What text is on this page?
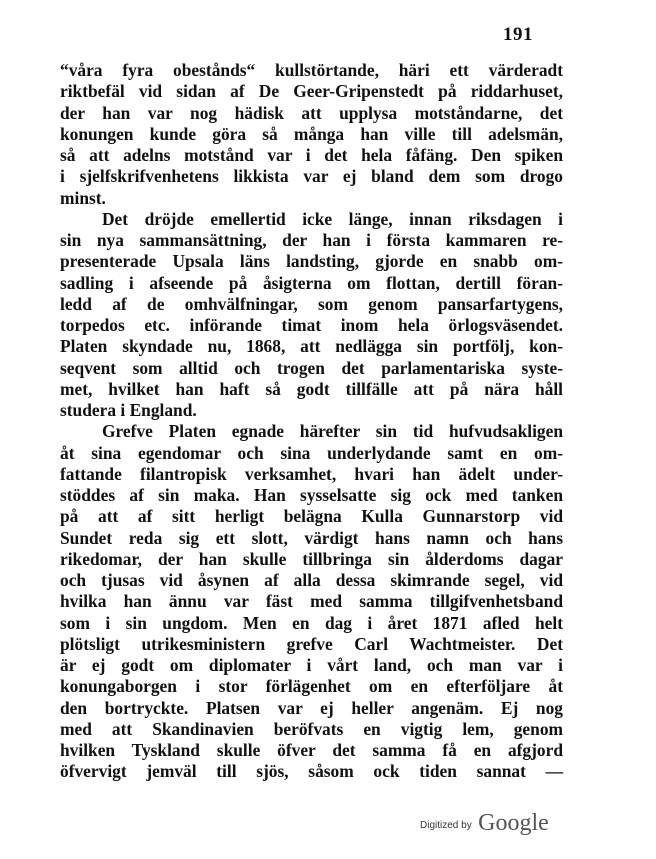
191
“våra fyra obestånds“ kullstörtande, häri ett värderadt
riktbefäl vid sidan af De Geer-Gripenstedt på riddarhuset,
der han var nog hädisk att upplysa motståndarne, det
konungen kunde göra så många han ville till adelsmän,
så att adelns motstånd var i det hela fåfäng. Den spiken
i sjelfskrifvenhetens likkista var ej bland dem som drogo
minst.
Det dröjde emellertid icke länge, innan riksdagen i
sin nya sammansättning, der han i första kammaren re-
presenterade Upsala läns landsting, gjorde en snabb om-
sadling i afseende på åsigterna om flottan, dertill föran-
ledd af de omhvälfningar, som genom pansarfartygens,
torpedos etc. införande timat inom hela örlogsväsendet.
Platen skyndade nu, 1868, att nedlägga sin portfölj, kon-
seqvent som alltid och trogen det parlamentariska syste-
met, hvilket han haft så godt tillfälle att på nära håll
studera i England.
Grefve Platen egnade härefter sin tid hufvudsakligen
åt sina egendomar och sina underlydande samt en om-
fattande filantropisk verksamhet, hvari han ädelt under-
stöddes af sin maka. Han sysselsatte sig ock med tanken
på att af sitt herligt belägna Kulla Gunnarstorp vid
Sundet reda sig ett slott, värdigt hans namn och hans
rikedomar, der han skulle tillbringa sin ålderdoms dagar
och tjusas vid åsynen af alla dessa skimrande segel, vid
hvilka han ännu var fäst med samma tillgifvenhetsband
som i sin ungdom. Men en dag i året 1871 afled helt
plötsligt utrikesministern grefve Carl Wachtmeister. Det
är ej godt om diplomater i vårt land, och man var i
konungaborgen i stor förlägenhet om en efterföljare åt
den bortryckte. Platsen var ej heller angenäm. Ej nog
med att Skandinavien beröfvats en vigtig lem, genom
hvilken Tyskland skulle öfver det samma få en afgjord
öfvervigt jemväl till sjös, såsom ock tiden sannat —
Digitized by Google
